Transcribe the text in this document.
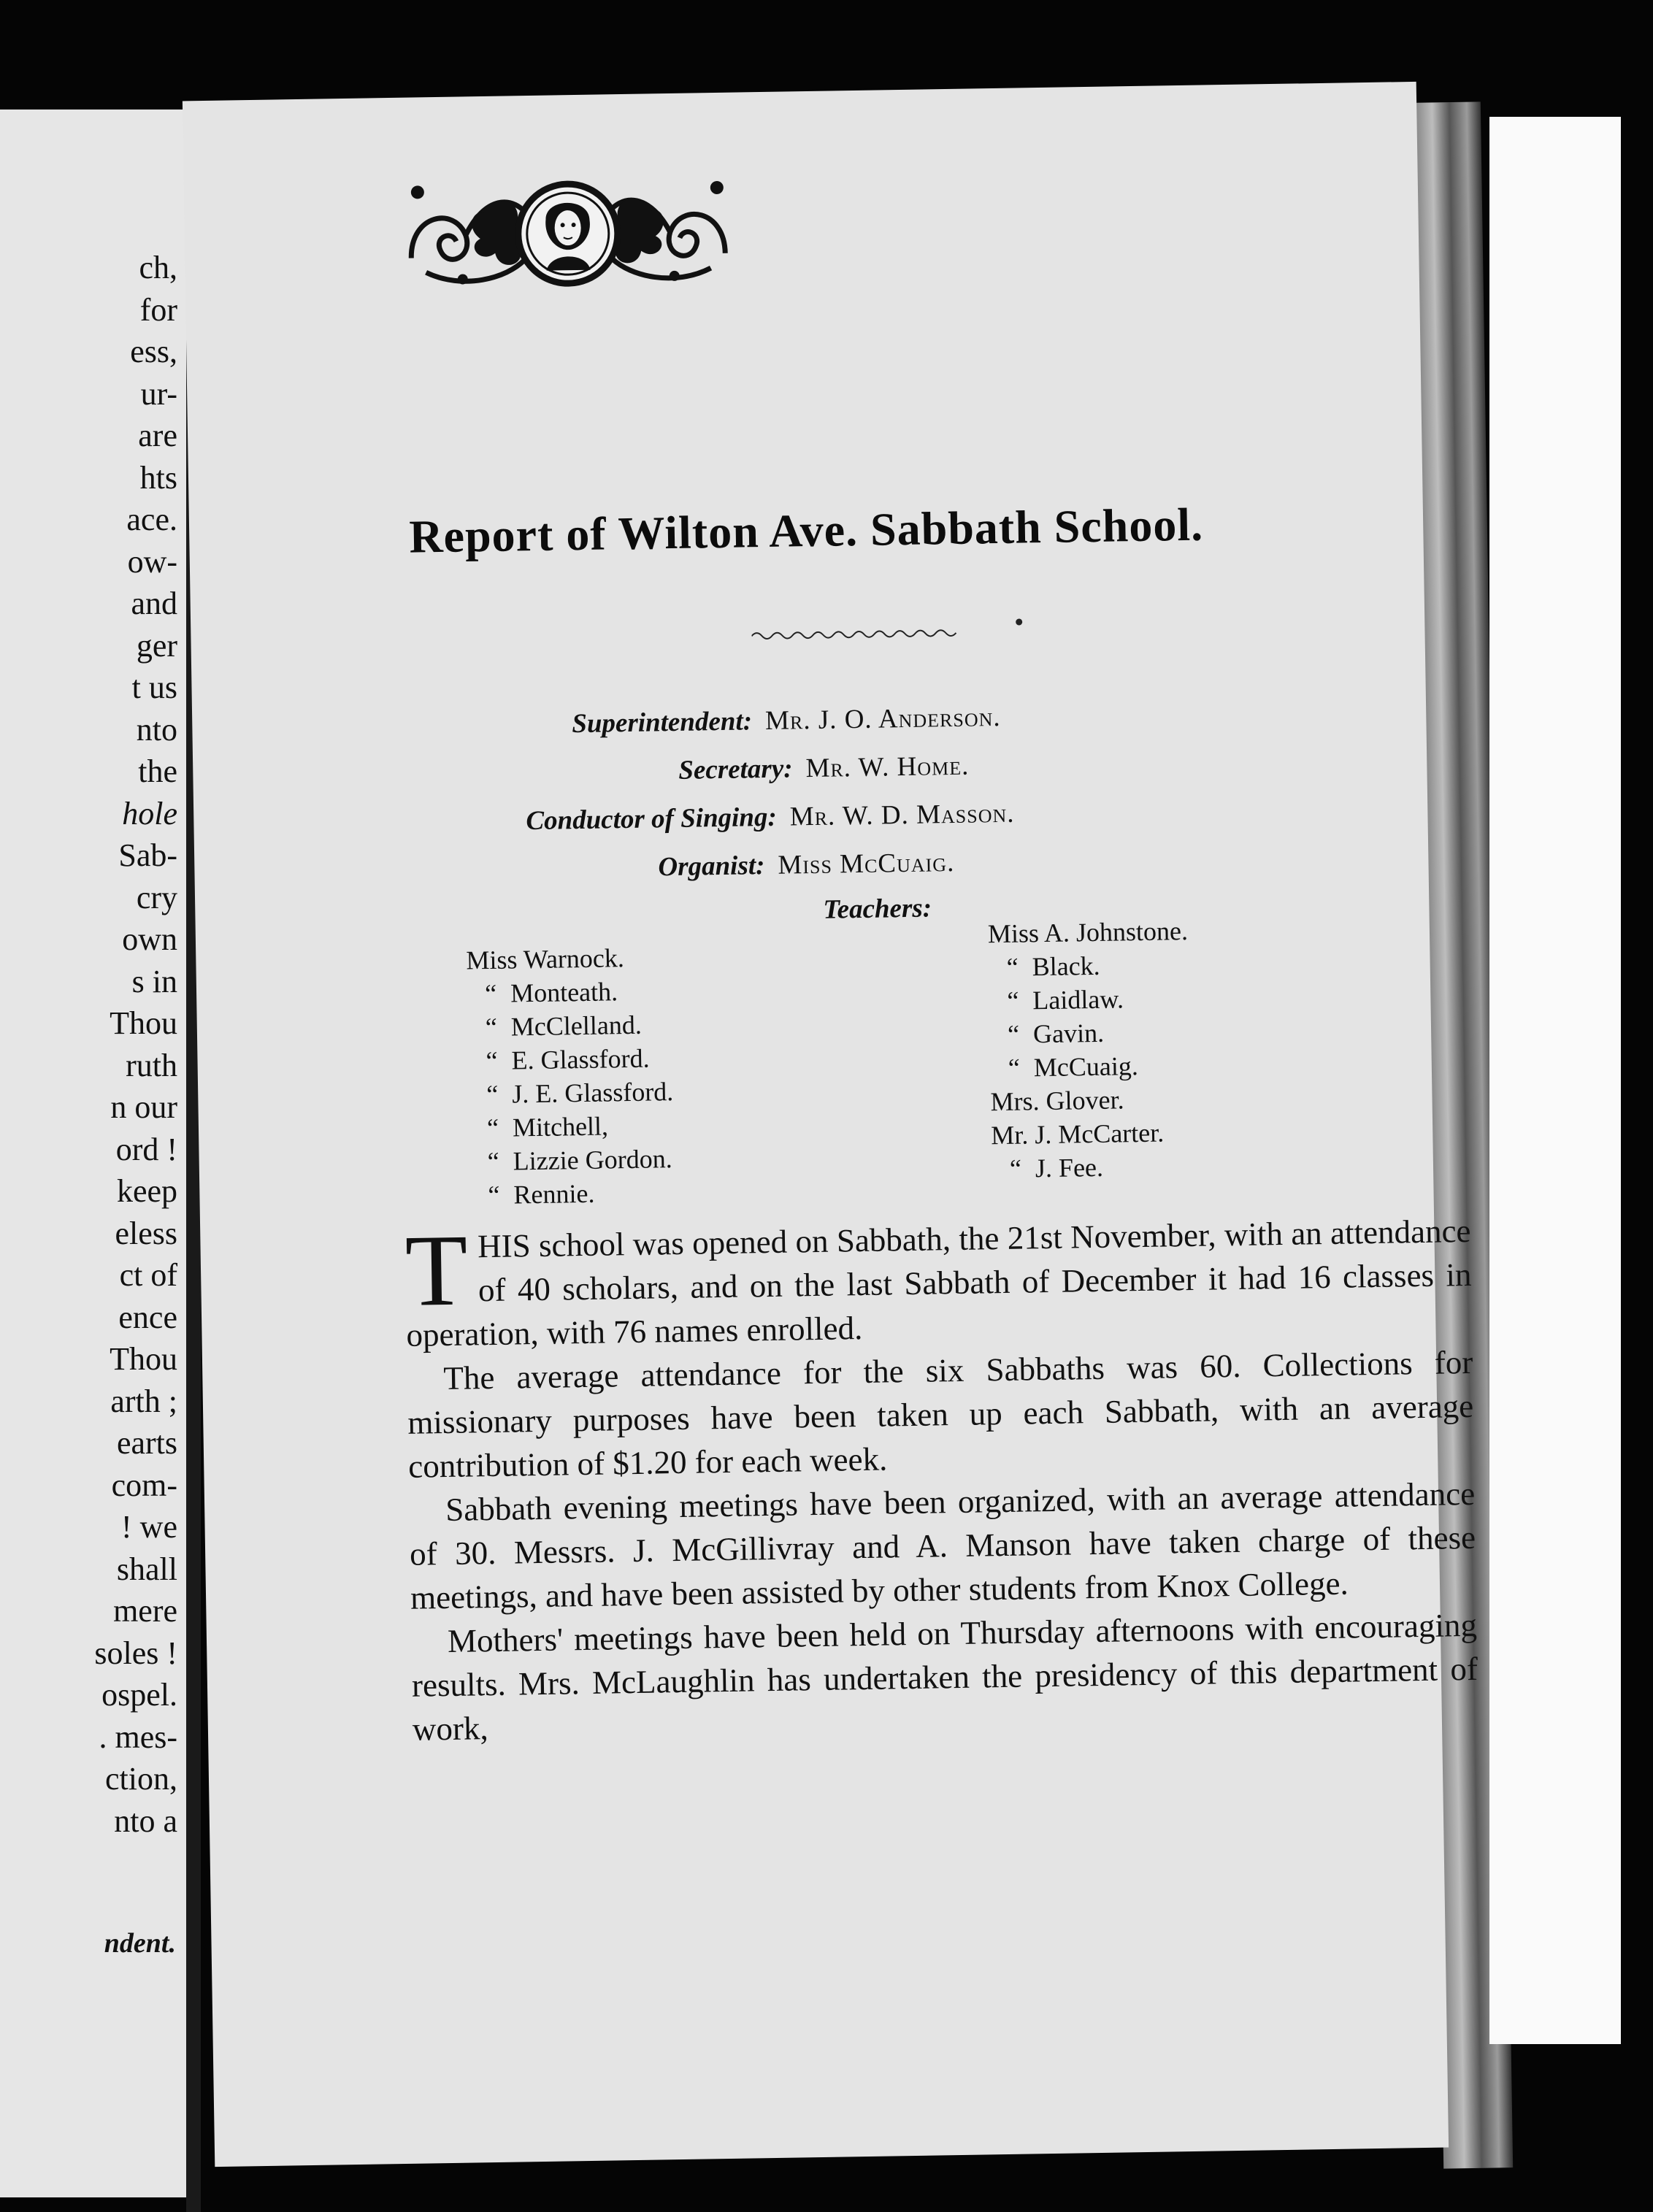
ch,
for
ess,
ur-
are
hts
ace.
ow-
and
ger
t us
nto
the
hole
Sab-
cry
own
s in
Thou
ruth
n our
ord !
keep
eless
ct of
ence
Thou
arth ;
earts
com-
! we
shall
mere
soles !
ospel.
. mes-
ction,
nto a
ndent.
Report of Wilton Ave. Sabbath School.
Superintendent: Mr. J. O. Anderson.
Secretary: Mr. W. Home.
Conductor of Singing: Mr. W. D. Masson.
Organist: Miss McCuaig.
Teachers:
Miss Warnock.
“ Monteath.
“ McClelland.
“ E. Glassford.
“ J. E. Glassford.
“ Mitchell,
“ Lizzie Gordon.
“ Rennie.
Miss A. Johnstone.
“ Black.
“ Laidlaw.
“ Gavin.
“ McCuaig.
Mrs. Glover.
Mr. J. McCarter.
“ J. Fee.

THIS school was opened on Sabbath, the 21st November, with an attendance of 40 scholars, and on the last Sabbath of December it had 16 classes in operation, with 76 names enrolled.

The average attendance for the six Sabbaths was 60. Collections for missionary purposes have been taken up each Sabbath, with an average contribution of $1.20 for each week.

Sabbath evening meetings have been organized, with an average attendance of 30. Messrs. J. McGillivray and A. Manson have taken charge of these meetings, and have been assisted by other students from Knox College.

Mothers' meetings have been held on Thursday afternoons with encouraging results. Mrs. McLaughlin has undertaken the presidency of this department of work,
